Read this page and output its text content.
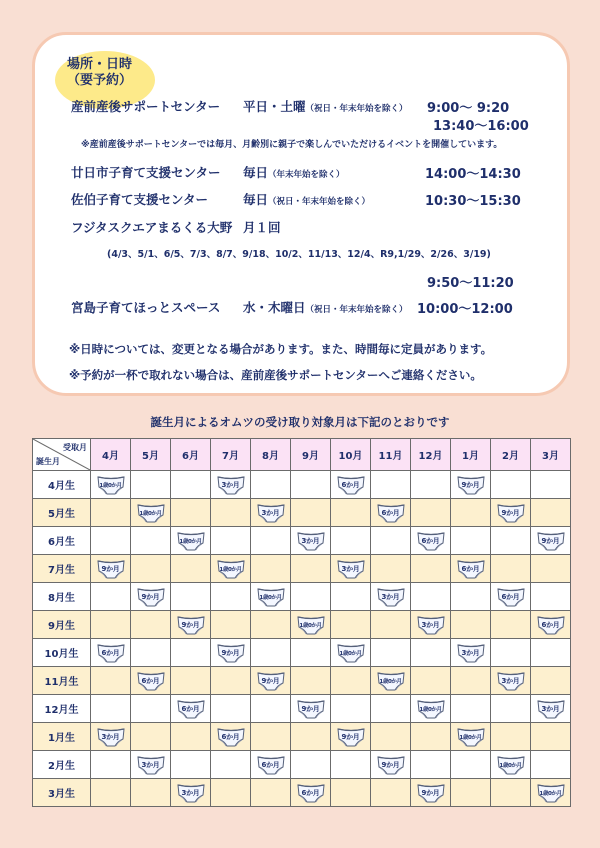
場所・日時
（要予約）
産前産後サポートセンター 平日・土曜（祝日・年末年始を除く） 9:00〜 9:20
13:40〜16:00
※産前産後サポートセンターでは毎月、月齢別に親子で楽しんでいただけるイベントを開催しています。
廿日市子育て支援センター 毎日（年末年始を除く）	14:00〜14:30
佐伯子育て支援センター	毎日（祝日・年末年始を除く）	10:30〜15:30
フジタスクエアまるくる大野 月１回
(4/3、5/1、6/5、7/3、8/7、9/18、10/2、11/13、12/4、R9,1/29、2/26、3/19)
9:50〜11:20
宮島子育てほっとスペース 水・木曜日（祝日・年末年始を除く） 10:00〜12:00
※日時については、変更となる場合があります。また、時間毎に定員があります。
※予約が一杯で取れない場合は、産前産後サポートセンターへご連絡ください。
誕生月によるオムツの受け取り対象月は下記のとおりです
受取月
誕生月	4月	5月	6月	7月	8月	9月	10月	11月	12月	1月	2月	3月
4月生	1歳0か月			3か月			6か月			9か月		

5月生		1歳0か月			3か月			6か月			9か月	

6月生			1歳0か月			3か月			6か月			9か月

7月生	9か月			1歳0か月			3か月			6か月		

8月生		9か月			1歳0か月			3か月			6か月	

9月生			9か月			1歳0か月			3か月			6か月

10月生	6か月			9か月			1歳0か月			3か月		

11月生		6か月			9か月			1歳0か月			3か月	

12月生			6か月			9か月			1歳0か月			3か月

1月生	3か月			6か月			9か月			1歳0か月		

2月生		3か月			6か月			9か月			1歳0か月	

3月生			3か月			6か月			9か月			1歳0か月
